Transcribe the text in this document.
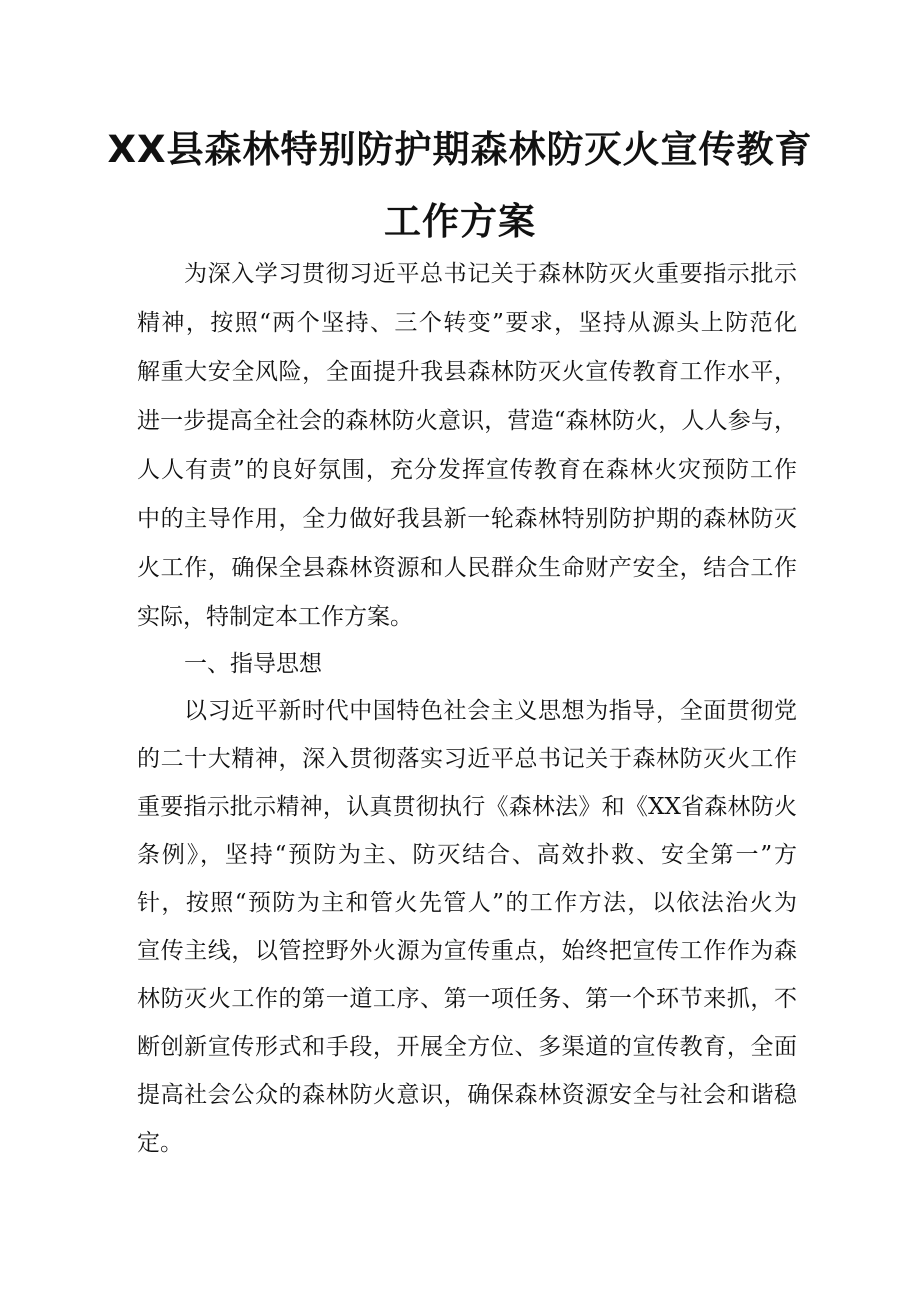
XX县森林特别防护期森林防灭火宣传教育
工作方案
为深入学习贯彻习近平总书记关于森林防灭火重要指示批示
精神，按照“两个坚持、三个转变”要求，坚持从源头上防范化
解重大安全风险，全面提升我县森林防灭火宣传教育工作水平，
进一步提高全社会的森林防火意识，营造“森林防火，人人参与，
人人有责”的良好氛围，充分发挥宣传教育在森林火灾预防工作
中的主导作用，全力做好我县新一轮森林特别防护期的森林防灭
火工作，确保全县森林资源和人民群众生命财产安全，结合工作
实际，特制定本工作方案。
一、指导思想
以习近平新时代中国特色社会主义思想为指导，全面贯彻党
的二十大精神，深入贯彻落实习近平总书记关于森林防灭火工作
重要指示批示精神，认真贯彻执行《森林法》和《XX省森林防火
条例》，坚持“预防为主、防灭结合、高效扑救、安全第一”方
针，按照“预防为主和管火先管人”的工作方法，以依法治火为
宣传主线，以管控野外火源为宣传重点，始终把宣传工作作为森
林防灭火工作的第一道工序、第一项任务、第一个环节来抓，不
断创新宣传形式和手段，开展全方位、多渠道的宣传教育，全面
提高社会公众的森林防火意识，确保森林资源安全与社会和谐稳
定。
